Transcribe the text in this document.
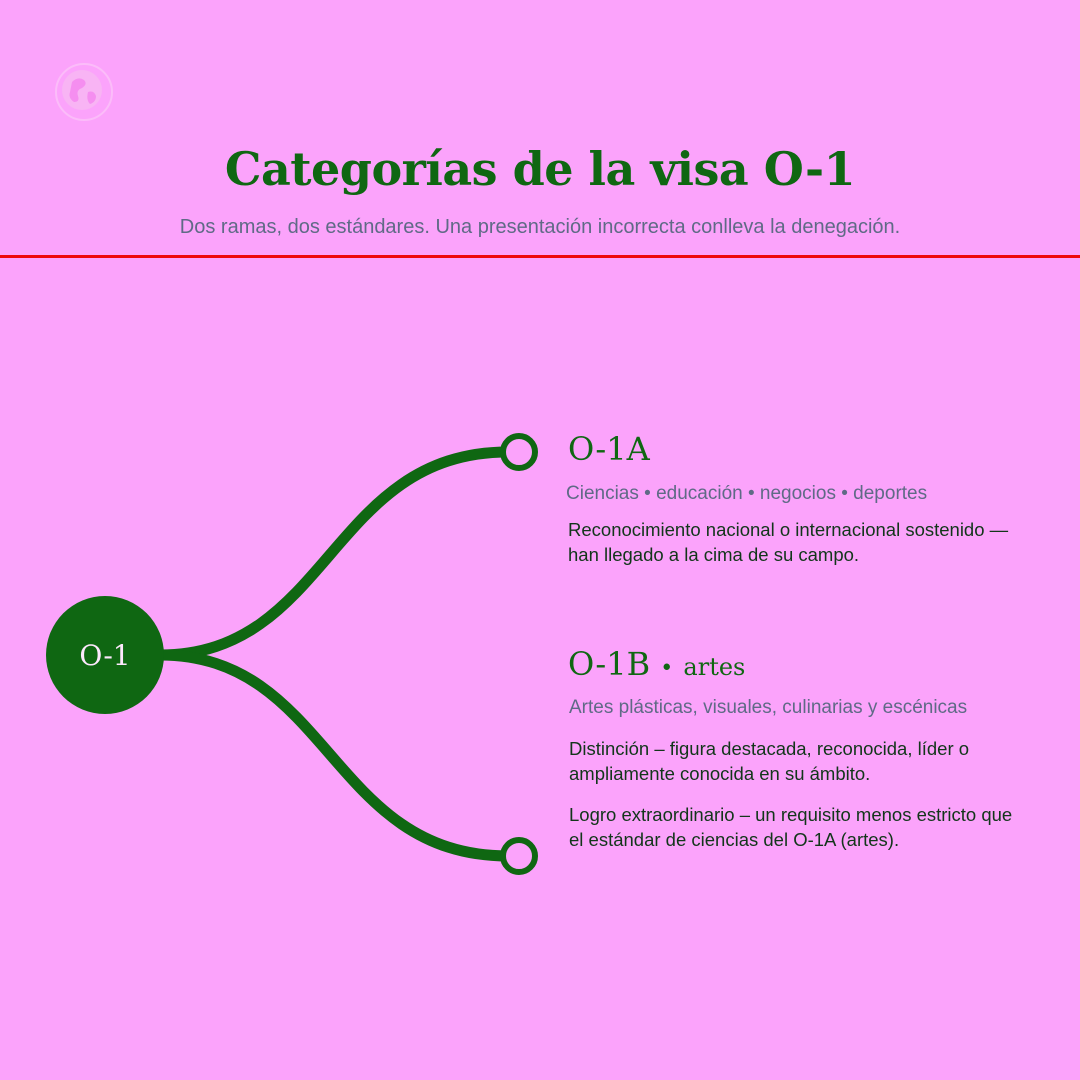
Categorías de la visa O-1
Dos ramas, dos estándares. Una presentación incorrecta conlleva la denegación.
O-1
O-1A
Ciencias • educación • negocios • deportes
Reconocimiento nacional o internacional sostenido — han llegado a la cima de su campo.
O-1B • artes
Artes plásticas, visuales, culinarias y escénicas
Distinción – figura destacada, reconocida, líder o ampliamente conocida en su ámbito.
Logro extraordinario – un requisito menos estricto que el estándar de ciencias del O-1A (artes).
